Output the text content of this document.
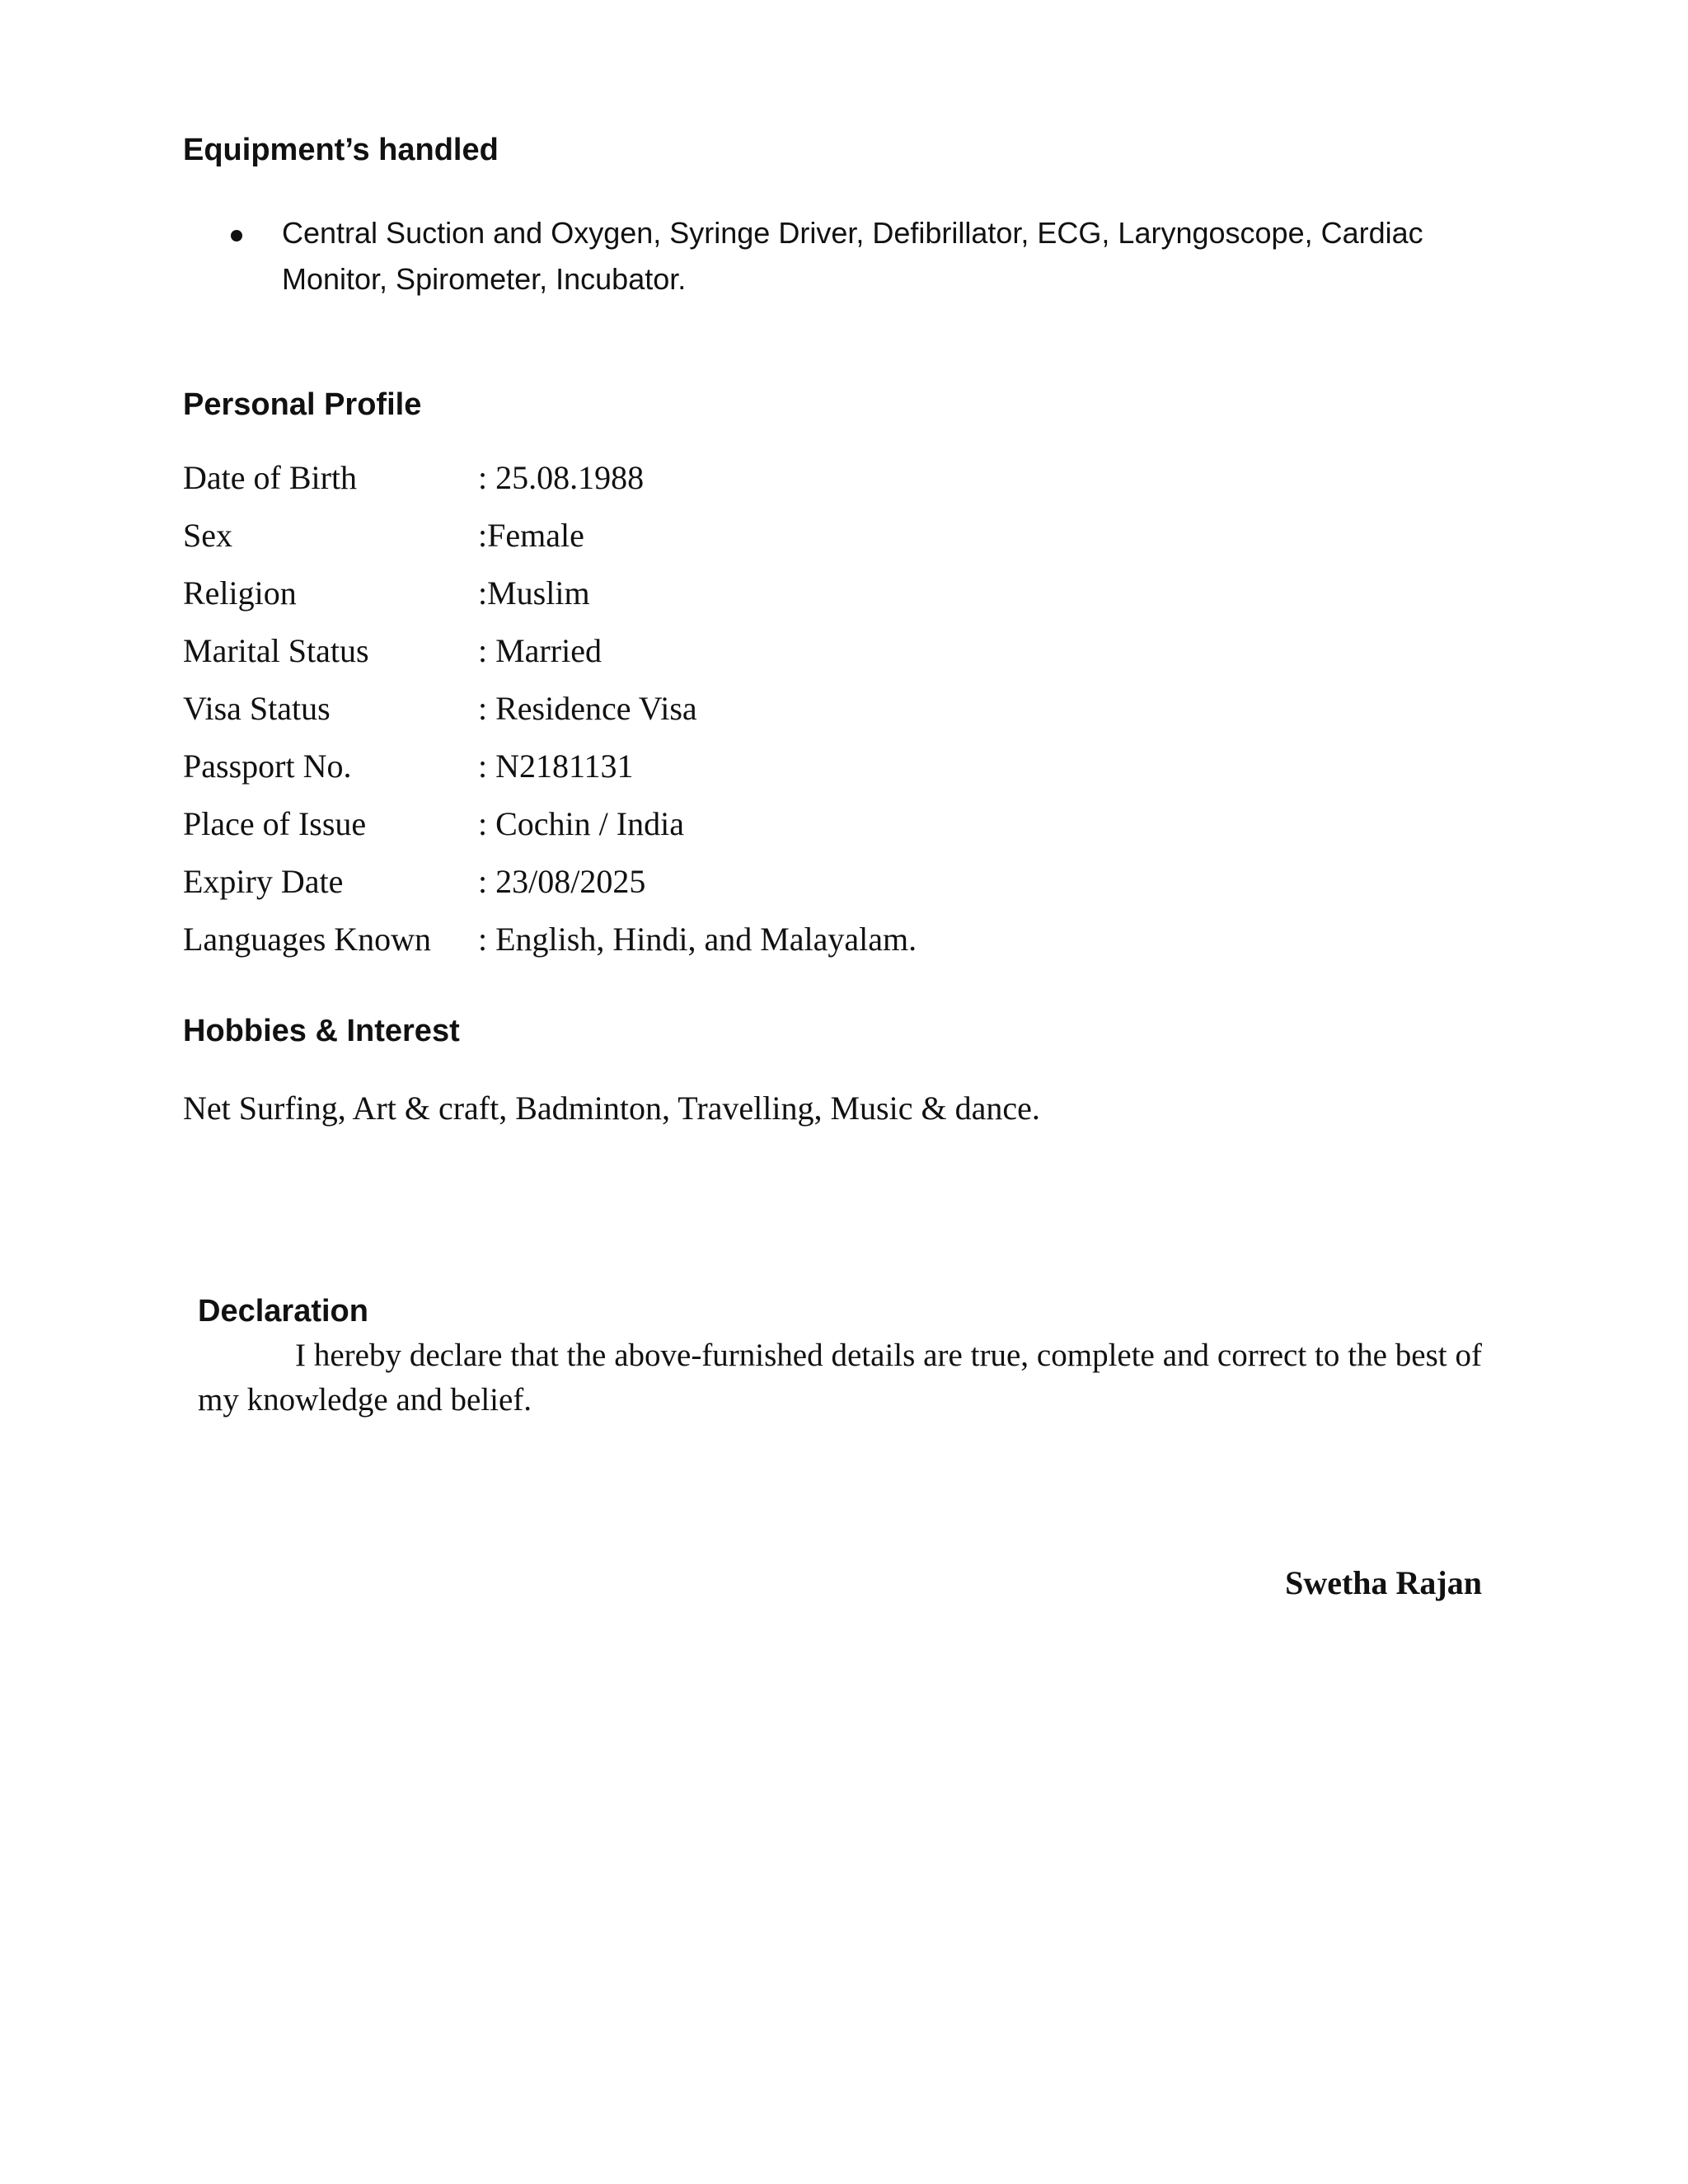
Equipment’s handled
Central Suction and Oxygen, Syringe Driver, Defibrillator, ECG, Laryngoscope, Cardiac Monitor, Spirometer, Incubator.
Personal Profile
Date of Birth	: 25.08.1988
Sex	:Female
Religion	:Muslim
Marital Status	: Married
Visa Status	: Residence Visa
Passport No.	: N2181131
Place of Issue	: Cochin / India
Expiry Date	: 23/08/2025
Languages Known : English, Hindi, and Malayalam.
Hobbies & Interest
Net Surfing, Art & craft, Badminton, Travelling, Music & dance.
Declaration

I hereby declare that the above-furnished details are true, complete and correct to the best of my knowledge and belief.

Swetha Rajan
